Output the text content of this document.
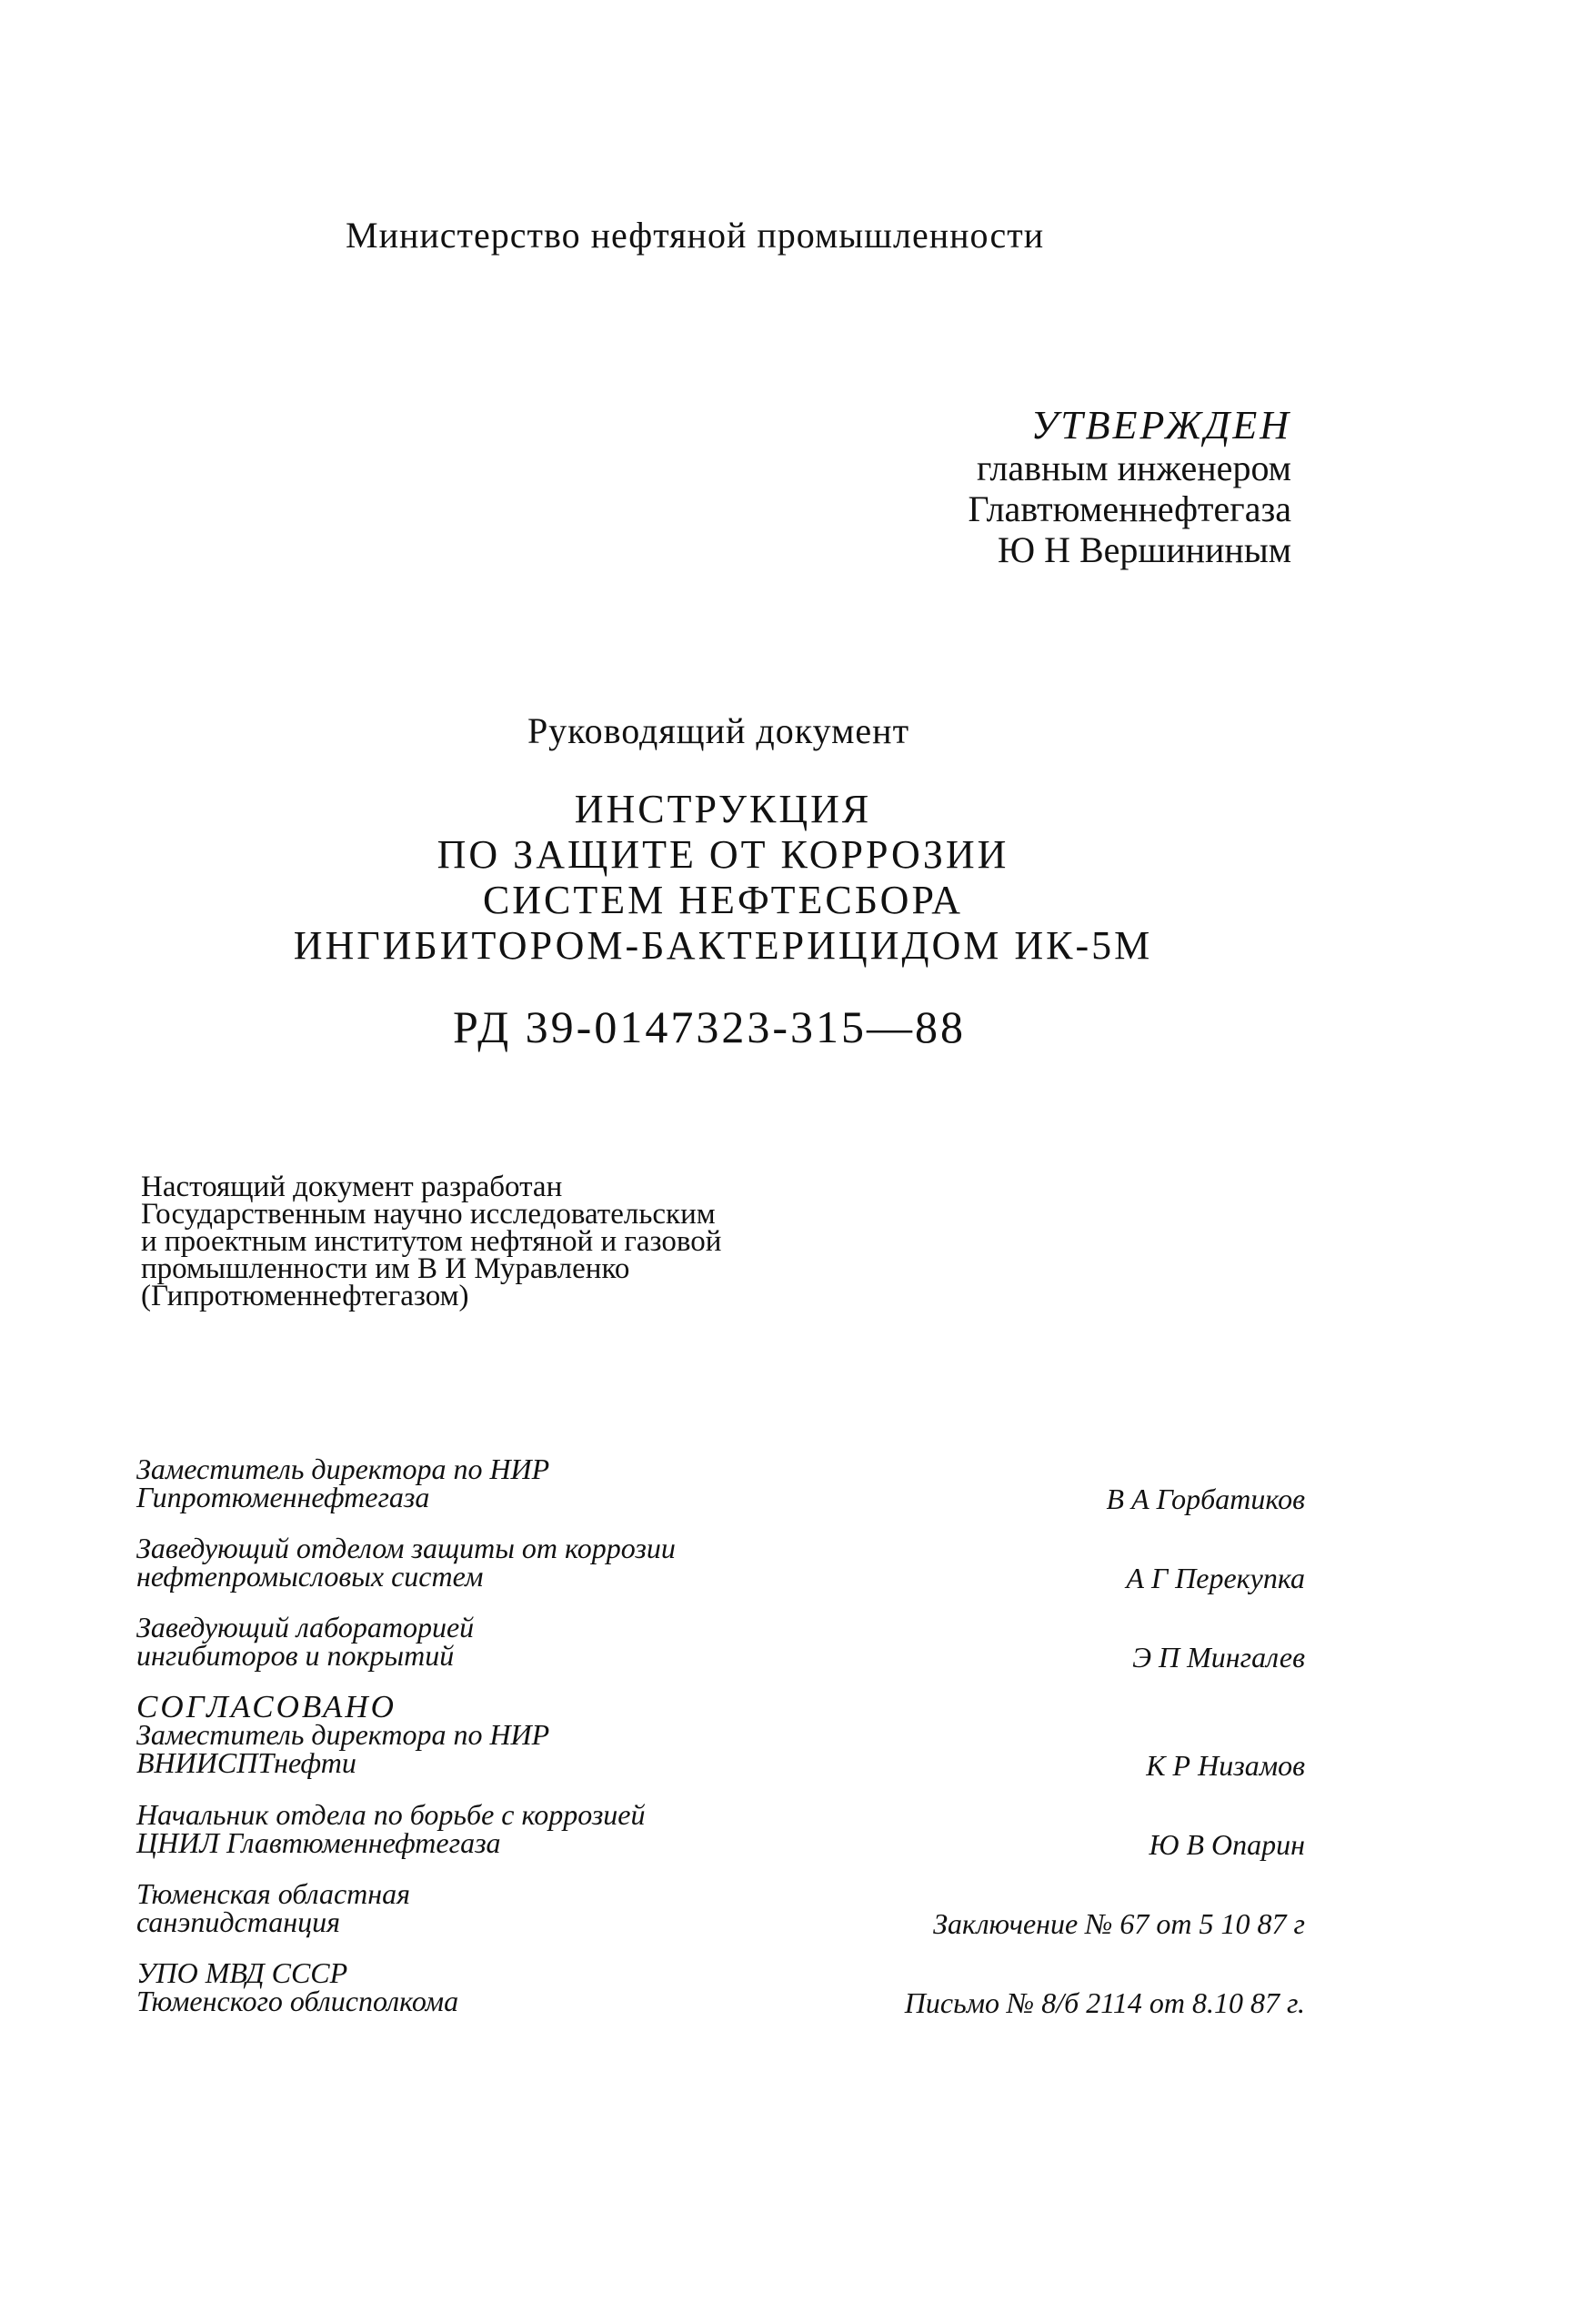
Министерство нефтяной промышленности
УТВЕРЖДЕН
главным инженером
Главтюменнефтегаза
Ю Н Вершининым
Руководящий документ
ИНСТРУКЦИЯ
ПО ЗАЩИТЕ ОТ КОРРОЗИИ
СИСТЕМ НЕФТЕСБОРА
ИНГИБИТОРОМ-БАКТЕРИЦИДОМ ИК-5М
РД 39-0147323-315—88
Настоящий документ разработан
Государственным научно исследовательским
и проектным институтом нефтяной и газовой
промышленности им В И Муравленко
(Гипротюменнефтегазом)
Заместитель директора по НИР
Гипротюменнефтегаза	В А Горбатиков
Заведующий отделом защиты от коррозии
нефтепромысловых систем	А Г Перекупка
Заведующий лабораторией
ингибиторов и покрытий	Э П Мингалев
СОГЛАСОВАНО
Заместитель директора по НИР
ВНИИСПТнефти	К Р Низамов
Начальник отдела по борьбе с коррозией
ЦНИЛ Главтюменнефтегаза	Ю В Опарин
Тюменская областная
санэпидстанция	Заключение № 67 от 5 10 87 г
УПО МВД СССР
Тюменского облисполкома	Письмо № 8/б 2114 от 8.10 87 г.
